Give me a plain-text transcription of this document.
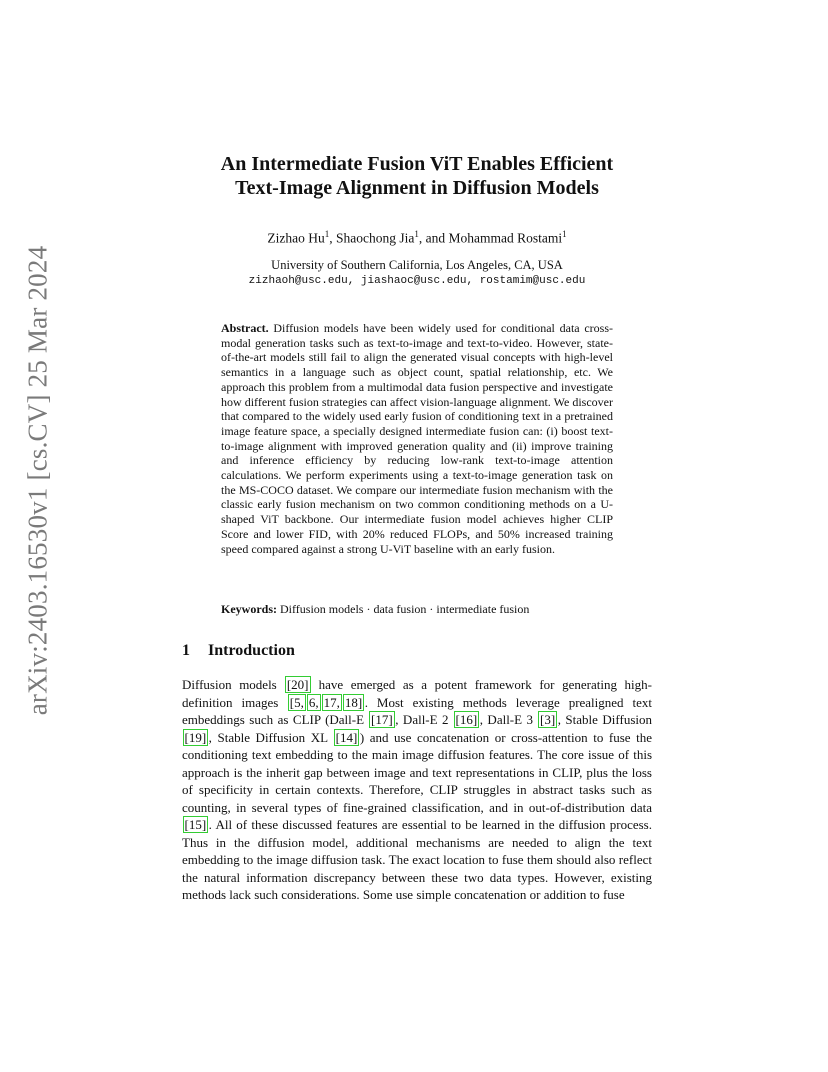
arXiv:2403.16530v1 [cs.CV] 25 Mar 2024
An Intermediate Fusion ViT Enables Efficient
Text-Image Alignment in Diffusion Models
Zizhao Hu$^1$, Shaochong Jia$^1$, and Mohammad Rostami$^1$
University of Southern California, Los Angeles, CA, USA
zizhaoh@usc.edu, jiashaoc@usc.edu, rostamim@usc.edu

Abstract. Diffusion models have been widely used for conditional data cross-modal generation tasks such as text-to-image and text-to-video. However, state-of-the-art models still fail to align the generated visual concepts with high-level semantics in a language such as object count, spatial relationship, etc. We approach this problem from a multimodal data fusion perspective and investigate how different fusion strategies can affect vision-language alignment. We discover that compared to the widely used early fusion of conditioning text in a pretrained image feature space, a specially designed intermediate fusion can: (i) boost text-to-image alignment with improved generation quality and (ii) improve training and inference efficiency by reducing low-rank text-to-image attention calculations. We perform experiments using a text-to-image generation task on the MS-COCO dataset. We compare our intermediate fusion mechanism with the classic early fusion mechanism on two common conditioning methods on a U-shaped ViT backbone. Our intermediate fusion model achieves higher CLIP Score and lower FID, with 20% reduced FLOPs, and 50% increased training speed compared against a strong U-ViT baseline with an early fusion.

Keywords: Diffusion models · data fusion · intermediate fusion

1 Introduction

Diffusion models [20] have emerged as a potent framework for generating high-definition images [5, 6, 17, 18] . Most existing methods leverage prealigned text embeddings such as CLIP (Dall-E [17] , Dall-E 2 [16] , Dall-E 3 [3] , Stable Diffusion [19] , Stable Diffusion XL [14] ) and use concatenation or cross-attention to fuse the conditioning text embedding to the main image diffusion features. The core issue of this approach is the inherit gap between image and text representations in CLIP, plus the loss of specificity in certain contexts. Therefore, CLIP struggles in abstract tasks such as counting, in several types of fine-grained classification, and in out-of-distribution data [15] . All of these discussed features are essential to be learned in the diffusion process. Thus in the diffusion model, additional mechanisms are needed to align the text embedding to the image diffusion task. The exact location to fuse them should also reflect the natural information discrepancy between these two data types. However, existing methods lack such considerations. Some use simple concatenation or addition to fuse
